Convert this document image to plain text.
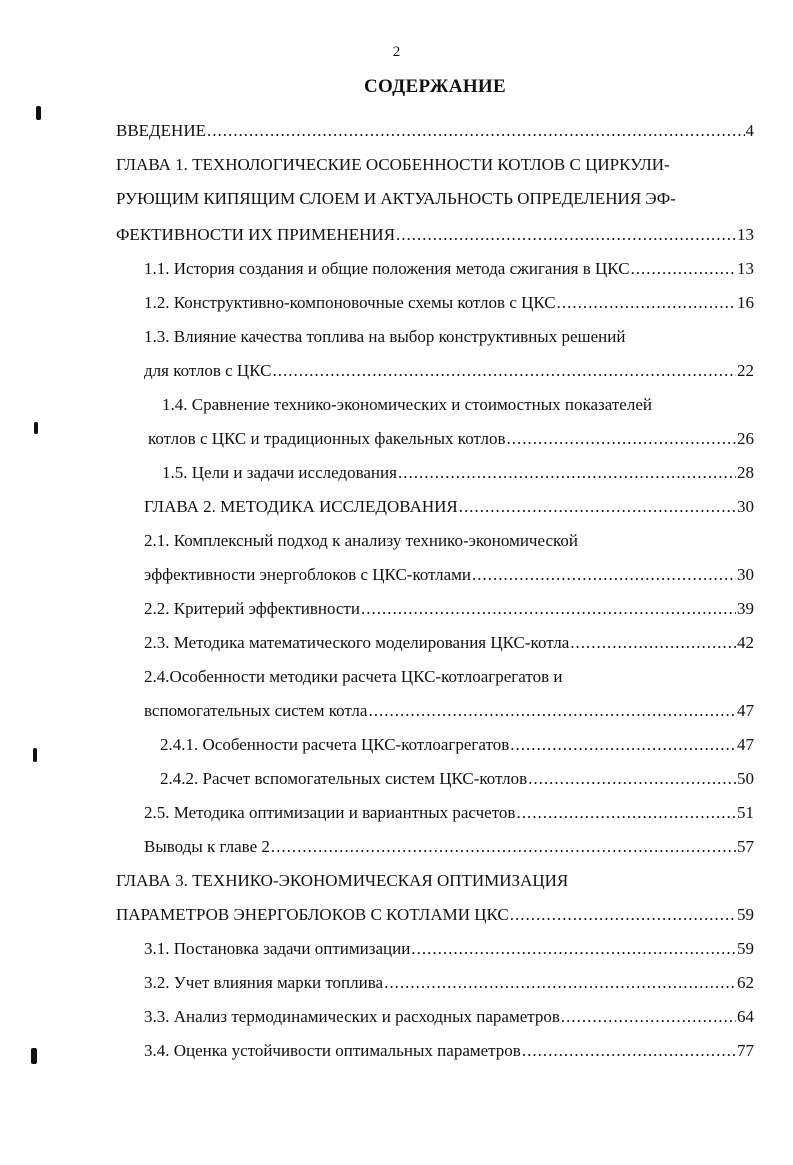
2
СОДЕРЖАНИЕ
ВВЕДЕНИЕ .....	4
ГЛАВА 1. ТЕХНОЛОГИЧЕСКИЕ ОСОБЕННОСТИ КОТЛОВ С ЦИРКУЛИ-
РУЮЩИМ КИПЯЩИМ СЛОЕМ И АКТУАЛЬНОСТЬ ОПРЕДЕЛЕНИЯ ЭФ-
ФЕКТИВНОСТИ ИХ ПРИМЕНЕНИЯ .....	13
1.1. История создания и общие положения метода сжигания в ЦКС .....	13
1.2. Конструктивно-компоновочные схемы котлов с ЦКС .....	16
1.3. Влияние качества топлива на выбор конструктивных решений
для котлов с ЦКС .....	22
1.4. Сравнение технико-экономических и стоимостных показателей
котлов с ЦКС и традиционных факельных котлов .....	26
1.5. Цели и задачи исследования .....	28
ГЛАВА 2. МЕТОДИКА ИССЛЕДОВАНИЯ .....	30
2.1. Комплексный подход к анализу технико-экономической
эффективности энергоблоков с ЦКС-котлами .....	30
2.2. Критерий эффективности .....	39
2.3. Методика математического моделирования ЦКС-котла .....	42
2.4.Особенности методики расчета ЦКС-котлоагрегатов и
вспомогательных систем котла .....	47
2.4.1. Особенности расчета ЦКС-котлоагрегатов .....	47
2.4.2. Расчет вспомогательных систем ЦКС-котлов .....	50
2.5. Методика оптимизации и вариантных расчетов .....	51
Выводы к главе 2 .....	57
ГЛАВА 3. ТЕХНИКО-ЭКОНОМИЧЕСКАЯ ОПТИМИЗАЦИЯ
ПАРАМЕТРОВ ЭНЕРГОБЛОКОВ С КОТЛАМИ ЦКС .....	59
3.1. Постановка задачи оптимизации .....	59
3.2. Учет влияния марки топлива .....	62
3.3. Анализ термодинамических и расходных параметров .....	64
3.4. Оценка устойчивости оптимальных параметров .....	77
